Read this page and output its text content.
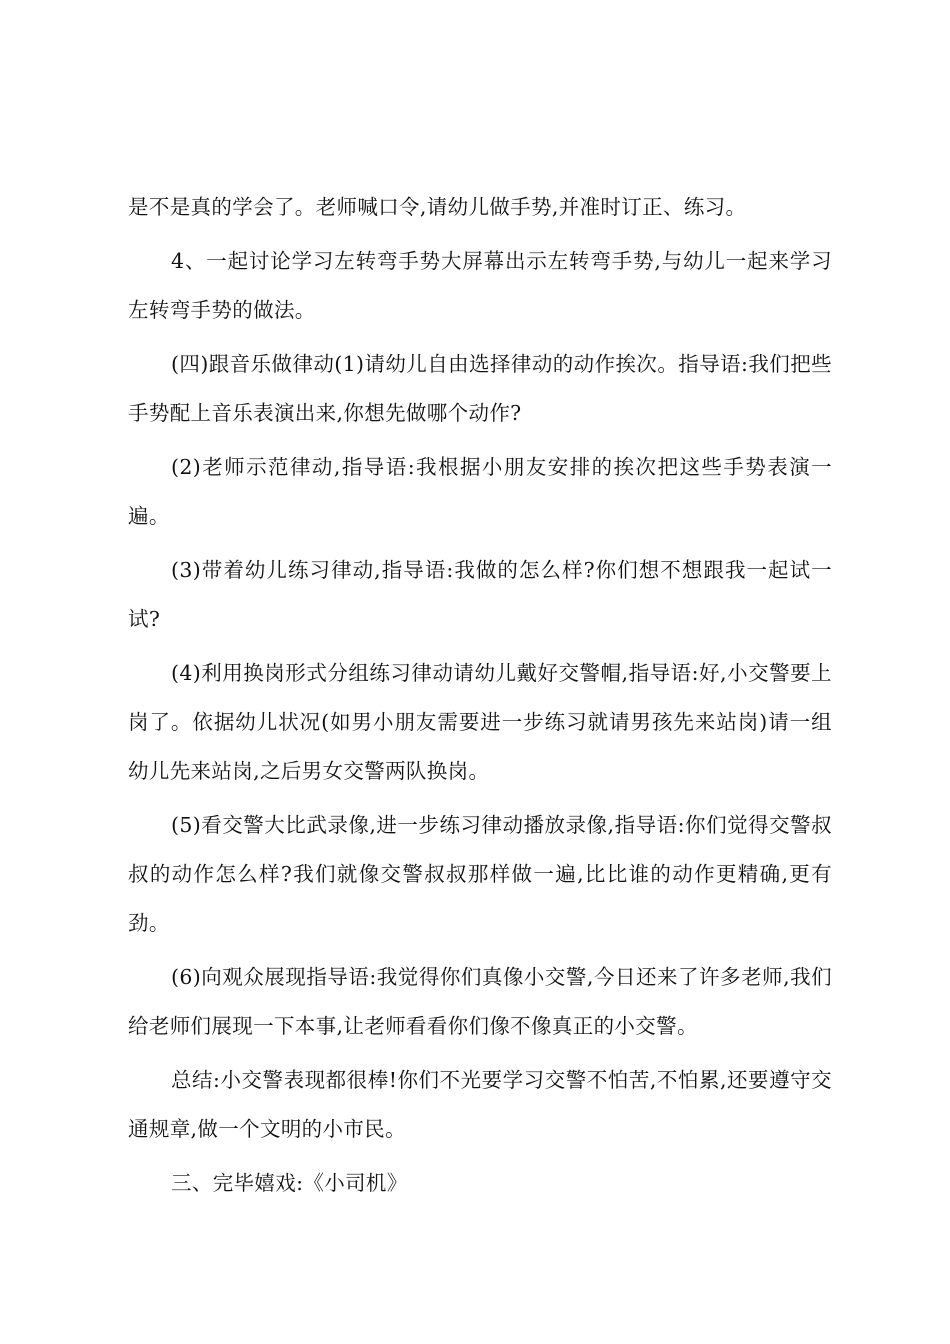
是不是真的学会了。老师喊口令,请幼儿做手势,并准时订正、练习。

4、一起讨论学习左转弯手势大屏幕出示左转弯手势,与幼儿一起来学习左转弯手势的做法。

(四)跟音乐做律动(1)请幼儿自由选择律动的动作挨次。指导语:我们把些手势配上音乐表演出来,你想先做哪个动作?

(2)老师示范律动,指导语:我根据小朋友安排的挨次把这些手势表演一遍。

(3)带着幼儿练习律动,指导语:我做的怎么样?你们想不想跟我一起试一试?

(4)利用换岗形式分组练习律动请幼儿戴好交警帽,指导语:好,小交警要上岗了。依据幼儿状况(如男小朋友需要进一步练习就请男孩先来站岗)请一组幼儿先来站岗,之后男女交警两队换岗。

(5)看交警大比武录像,进一步练习律动播放录像,指导语:你们觉得交警叔叔的动作怎么样?我们就像交警叔叔那样做一遍,比比谁的动作更精确,更有劲。

(6)向观众展现指导语:我觉得你们真像小交警,今日还来了许多老师,我们给老师们展现一下本事,让老师看看你们像不像真正的小交警。

总结:小交警表现都很棒!你们不光要学习交警不怕苦,不怕累,还要遵守交通规章,做一个文明的小市民。

三、完毕嬉戏:《小司机》
